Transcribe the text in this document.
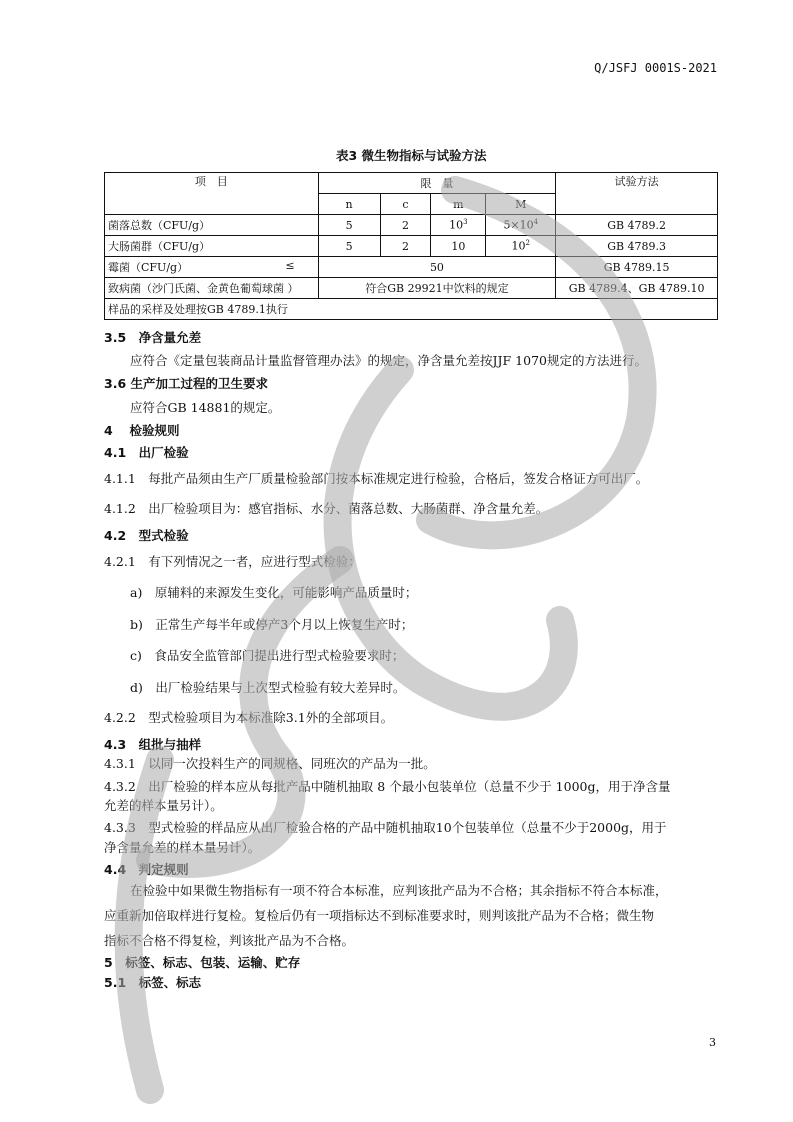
Q/JSFJ 0001S-2021
表3 微生物指标与试验方法
项　目	限　量				试验方法
	n	c	m	M	
菌落总数（CFU/g）	5	2	$10^3$	$5\times 10^4$	GB 4789.2
大肠菌群（CFU/g）	5	2	10	$10^2$	GB 4789.3
霉菌（CFU/g） ≤	50				GB 4789.15
致病菌（沙门氏菌、金黄色葡萄球菌 ）	符合GB 29921中饮料的规定				GB 4789.4、GB 4789.10
样品的采样及处理按GB 4789.1执行					
3.5　净含量允差
应符合《定量包装商品计量监督管理办法》的规定，净含量允差按JJF 1070规定的方法进行。
3.6 生产加工过程的卫生要求
应符合GB 14881的规定。
4　 检验规则
4.1　出厂检验
4.1.1　每批产品须由生产厂质量检验部门按本标准规定进行检验，合格后，签发合格证方可出厂。
4.1.2　出厂检验项目为：感官指标、水分、菌落总数、大肠菌群、净含量允差。
4.2　型式检验
4.2.1　有下列情况之一者，应进行型式检验：
a)　原辅料的来源发生变化，可能影响产品质量时；
b)　正常生产每半年或停产3个月以上恢复生产时；
c)　食品安全监管部门提出进行型式检验要求时；
d)　出厂检验结果与上次型式检验有较大差异时。
4.2.2　型式检验项目为本标准除3.1外的全部项目。
4.3　组批与抽样
4.3.1　以同一次投料生产的同规格、同班次的产品为一批。
4.3.2　出厂检验的样本应从每批产品中随机抽取 8 个最小包装单位（总量不少于 1000g，用于净含量
允差的样本量另计）。
4.3.3　型式检验的样品应从出厂检验合格的产品中随机抽取10个包装单位（总量不少于2000g，用于
净含量允差的样本量另计）。
4.4　判定规则
在检验中如果微生物指标有一项不符合本标准，应判该批产品为不合格；其余指标不符合本标准，
应重新加倍取样进行复检。复检后仍有一项指标达不到标准要求时，则判该批产品为不合格；微生物
指标不合格不得复检，判该批产品为不合格。
5　标签、标志、包装、运输、贮存
5.1　标签、标志
3
